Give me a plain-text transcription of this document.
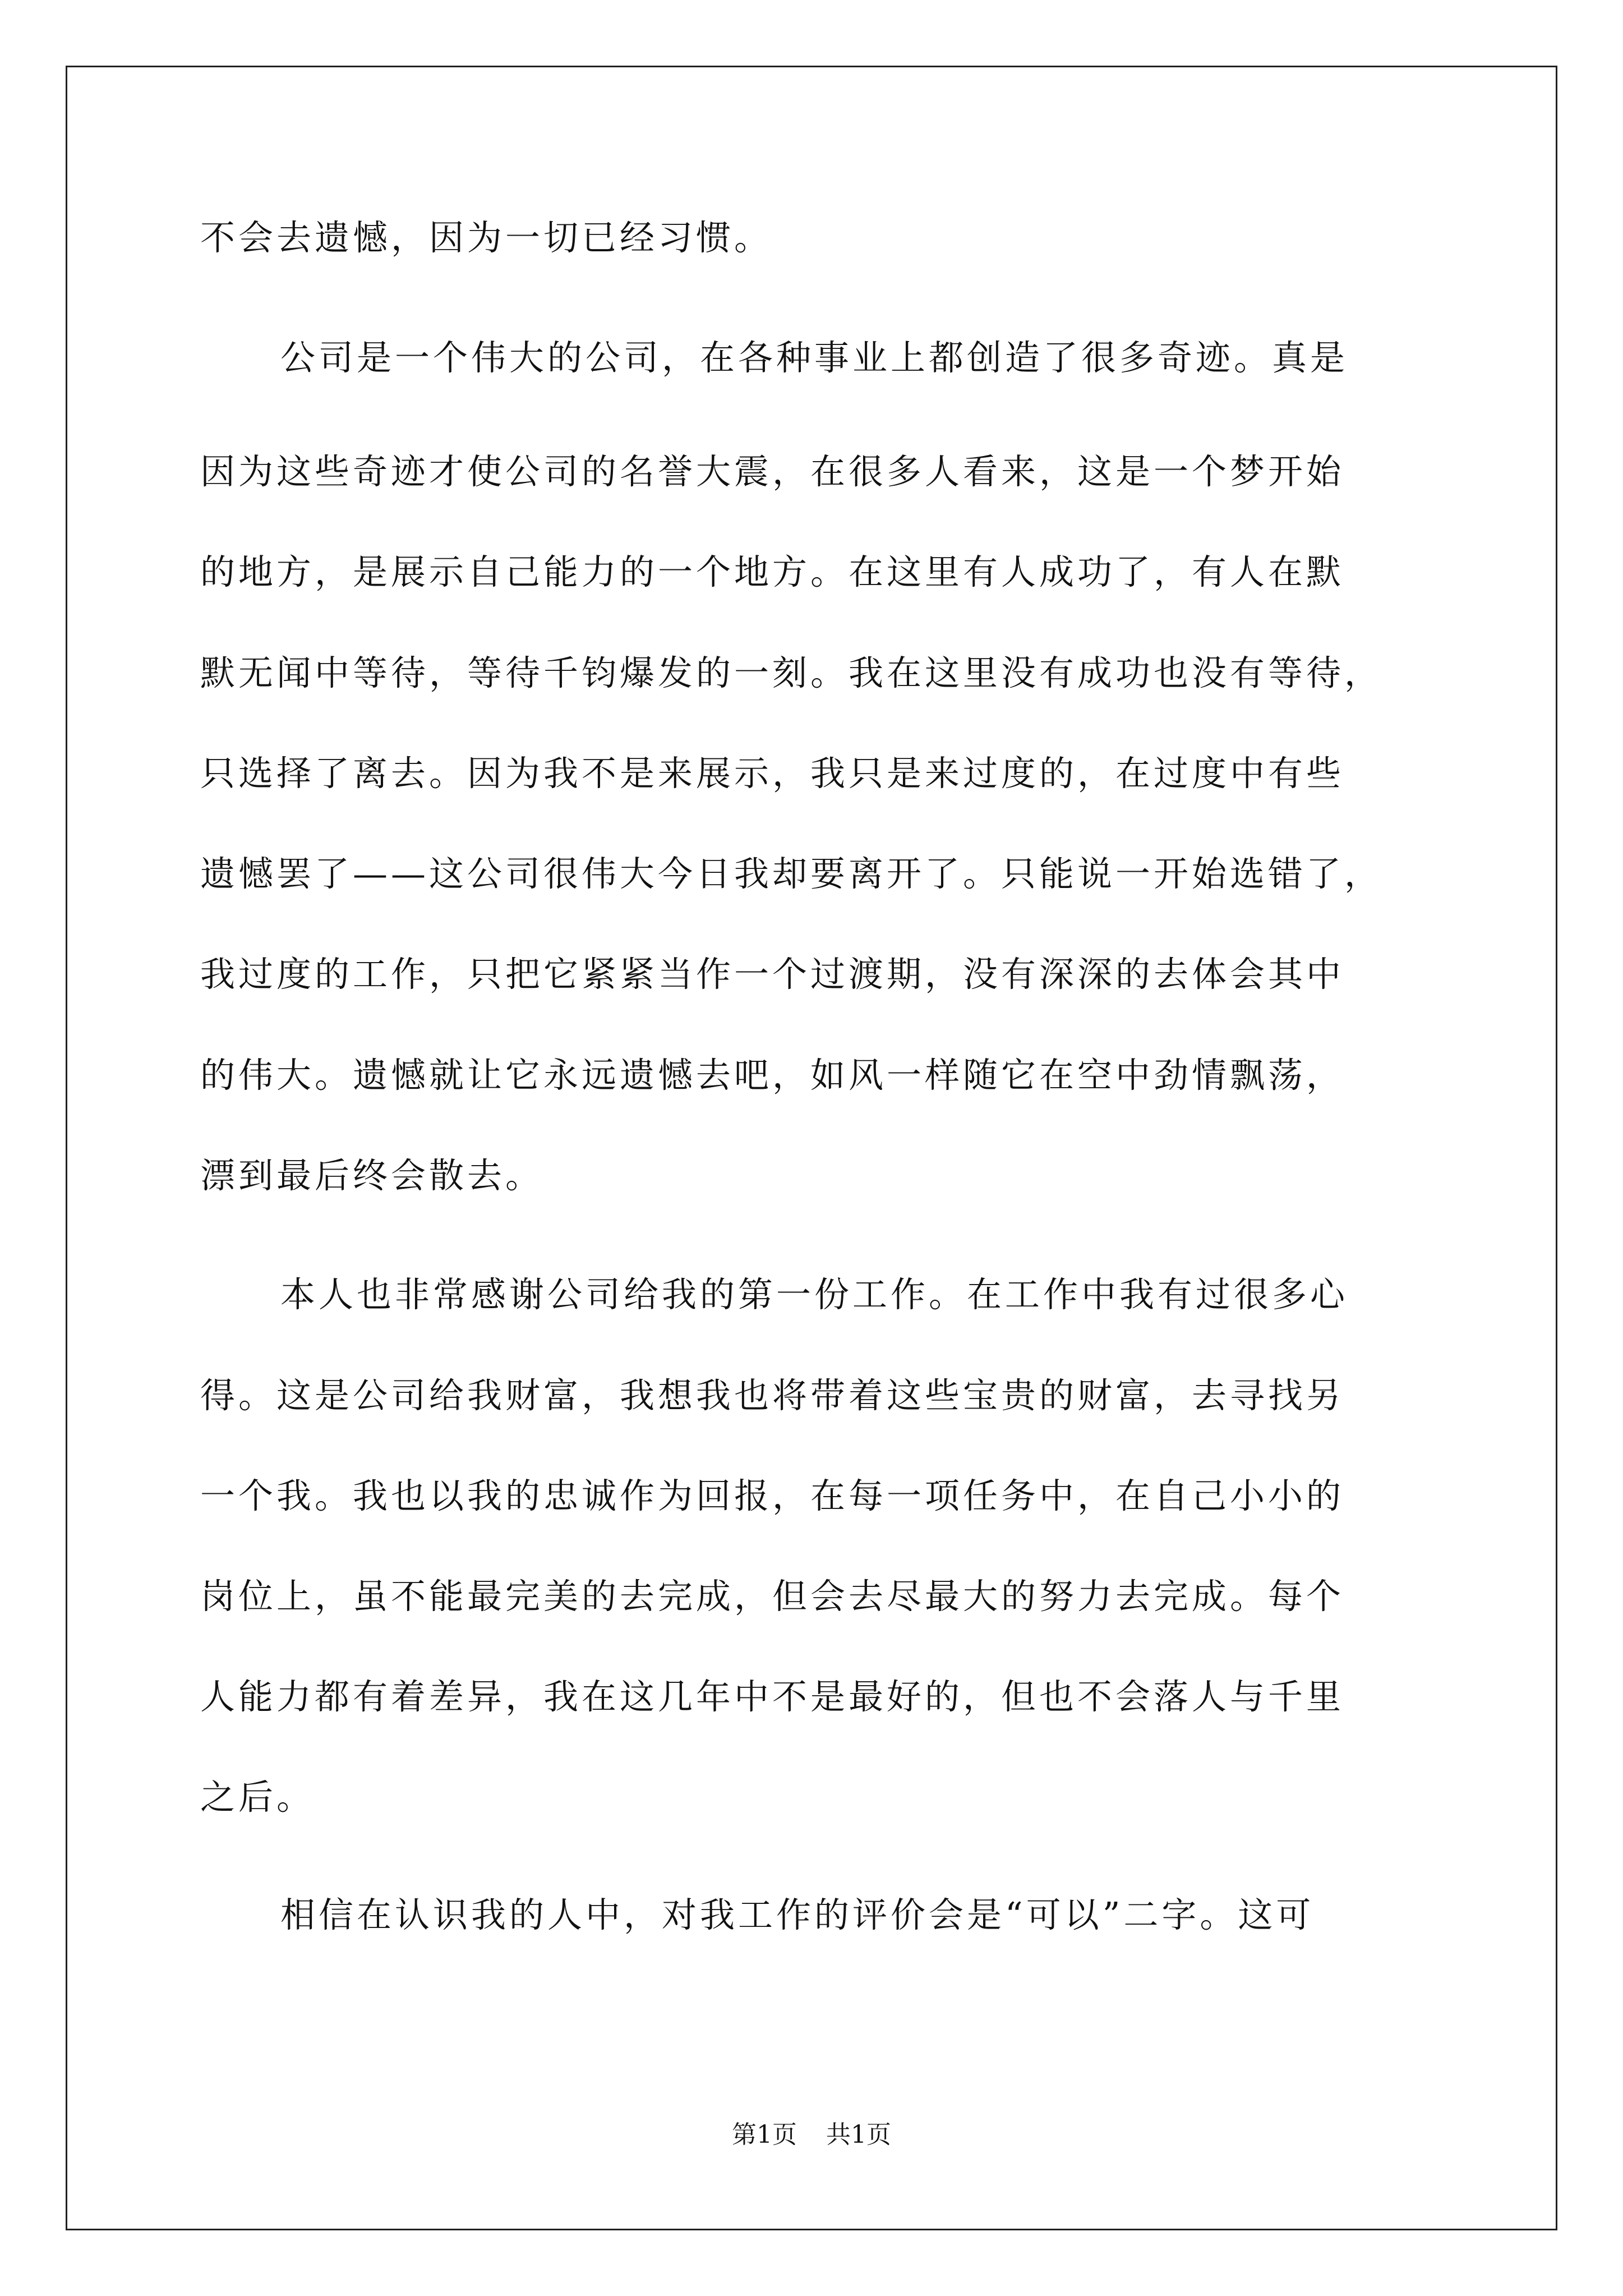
不会去遗憾，因为一切已经习惯。
公司是一个伟大的公司，在各种事业上都创造了很多奇迹。真是
因为这些奇迹才使公司的名誉大震，在很多人看来，这是一个梦开始
的地方，是展示自己能力的一个地方。在这里有人成功了，有人在默
默无闻中等待，等待千钧爆发的一刻。我在这里没有成功也没有等待，
只选择了离去。因为我不是来展示，我只是来过度的，在过度中有些
遗憾罢了——这公司很伟大今日我却要离开了。只能说一开始选错了，
我过度的工作，只把它紧紧当作一个过渡期，没有深深的去体会其中
的伟大。遗憾就让它永远遗憾去吧，如风一样随它在空中劲情飘荡，
漂到最后终会散去。
本人也非常感谢公司给我的第一份工作。在工作中我有过很多心
得。这是公司给我财富，我想我也将带着这些宝贵的财富，去寻找另
一个我。我也以我的忠诚作为回报，在每一项任务中，在自己小小的
岗位上，虽不能最完美的去完成，但会去尽最大的努力去完成。每个
人能力都有着差异，我在这几年中不是最好的，但也不会落人与千里
之后。
相信在认识我的人中，对我工作的评价会是“可以”二字。这可
第1页 共1页
